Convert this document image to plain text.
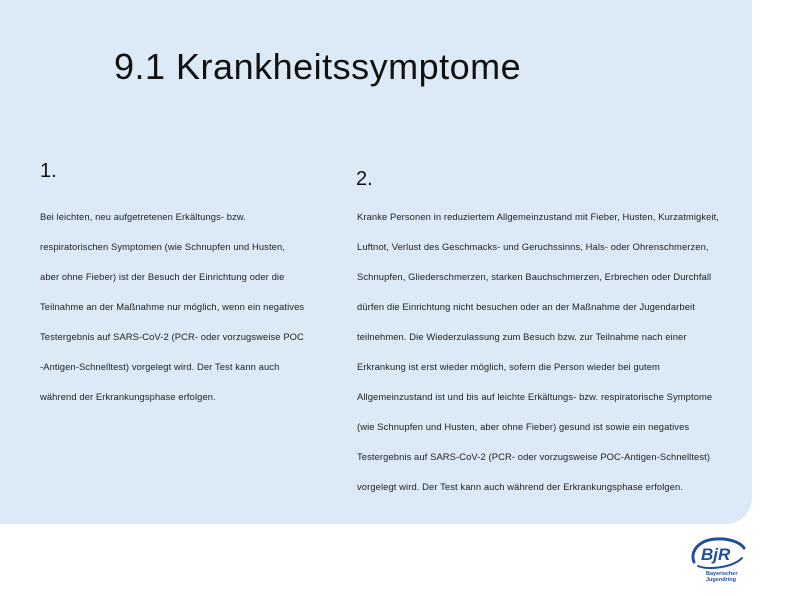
9.1 Krankheitssymptome
1.	2.
Bei leichten, neu aufgetretenen Erkältungs- bzw.
respiratorischen Symptomen (wie Schnupfen und Husten,
aber ohne Fieber) ist der Besuch der Einrichtung oder die
Teilnahme an der Maßnahme nur möglich, wenn ein negatives
Testergebnis auf SARS-CoV-2 (PCR- oder vorzugsweise POC
-Antigen-Schnelltest) vorgelegt wird. Der Test kann auch
während der Erkrankungsphase erfolgen.
Kranke Personen in reduziertem Allgemeinzustand mit Fieber, Husten, Kurzatmigkeit,
Luftnot, Verlust des Geschmacks- und Geruchssinns, Hals- oder Ohrenschmerzen,
Schnupfen, Gliederschmerzen, starken Bauchschmerzen, Erbrechen oder Durchfall
dürfen die Einrichtung nicht besuchen oder an der Maßnahme der Jugendarbeit
teilnehmen. Die Wiederzulassung zum Besuch bzw. zur Teilnahme nach einer
Erkrankung ist erst wieder möglich, sofern die Person wieder bei gutem
Allgemeinzustand ist und bis auf leichte Erkältungs- bzw. respiratorische Symptome
(wie Schnupfen und Husten, aber ohne Fieber) gesund ist sowie ein negatives
Testergebnis auf SARS-CoV-2 (PCR- oder vorzugsweise POC-Antigen-Schnelltest)
vorgelegt wird. Der Test kann auch während der Erkrankungsphase erfolgen.
BjR
Bayerischer
Jugendring
